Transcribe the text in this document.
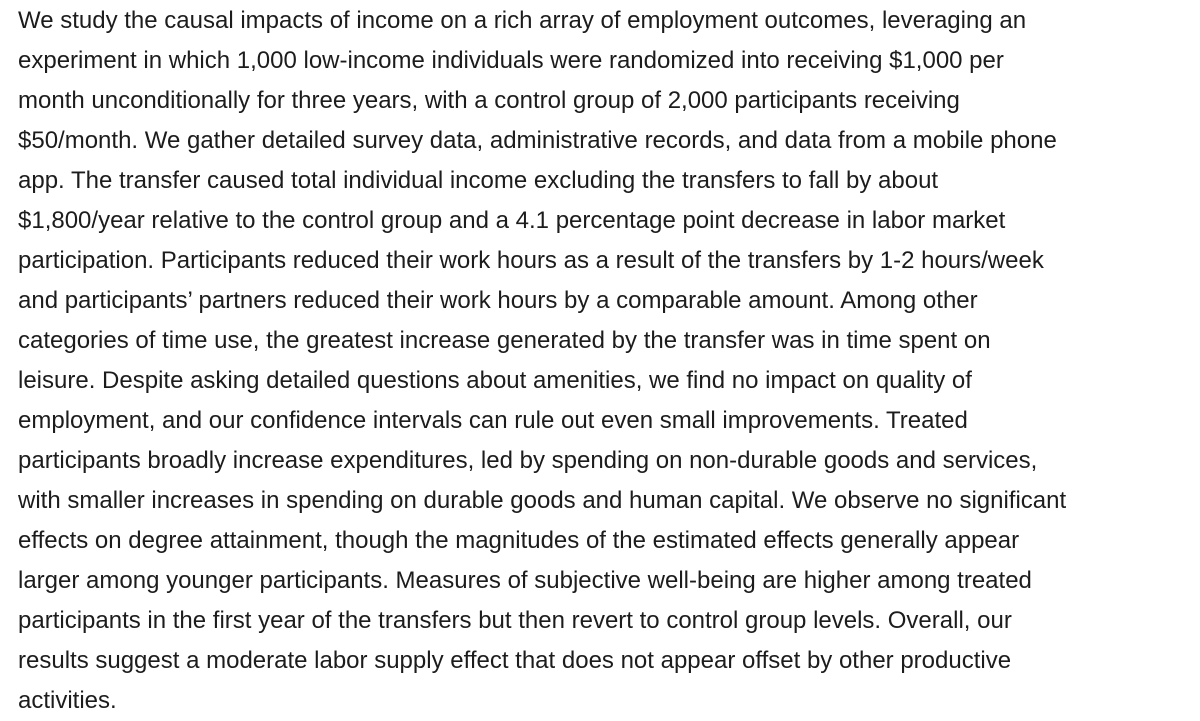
We study the causal impacts of income on a rich array of employment outcomes, leveraging an
experiment in which 1,000 low-income individuals were randomized into receiving $1,000 per
month unconditionally for three years, with a control group of 2,000 participants receiving
$50/month. We gather detailed survey data, administrative records, and data from a mobile phone
app. The transfer caused total individual income excluding the transfers to fall by about
$1,800/year relative to the control group and a 4.1 percentage point decrease in labor market
participation. Participants reduced their work hours as a result of the transfers by 1-2 hours/week
and participants’ partners reduced their work hours by a comparable amount. Among other
categories of time use, the greatest increase generated by the transfer was in time spent on
leisure. Despite asking detailed questions about amenities, we find no impact on quality of
employment, and our confidence intervals can rule out even small improvements. Treated
participants broadly increase expenditures, led by spending on non-durable goods and services,
with smaller increases in spending on durable goods and human capital. We observe no significant
effects on degree attainment, though the magnitudes of the estimated effects generally appear
larger among younger participants. Measures of subjective well-being are higher among treated
participants in the first year of the transfers but then revert to control group levels. Overall, our
results suggest a moderate labor supply effect that does not appear offset by other productive
activities.
